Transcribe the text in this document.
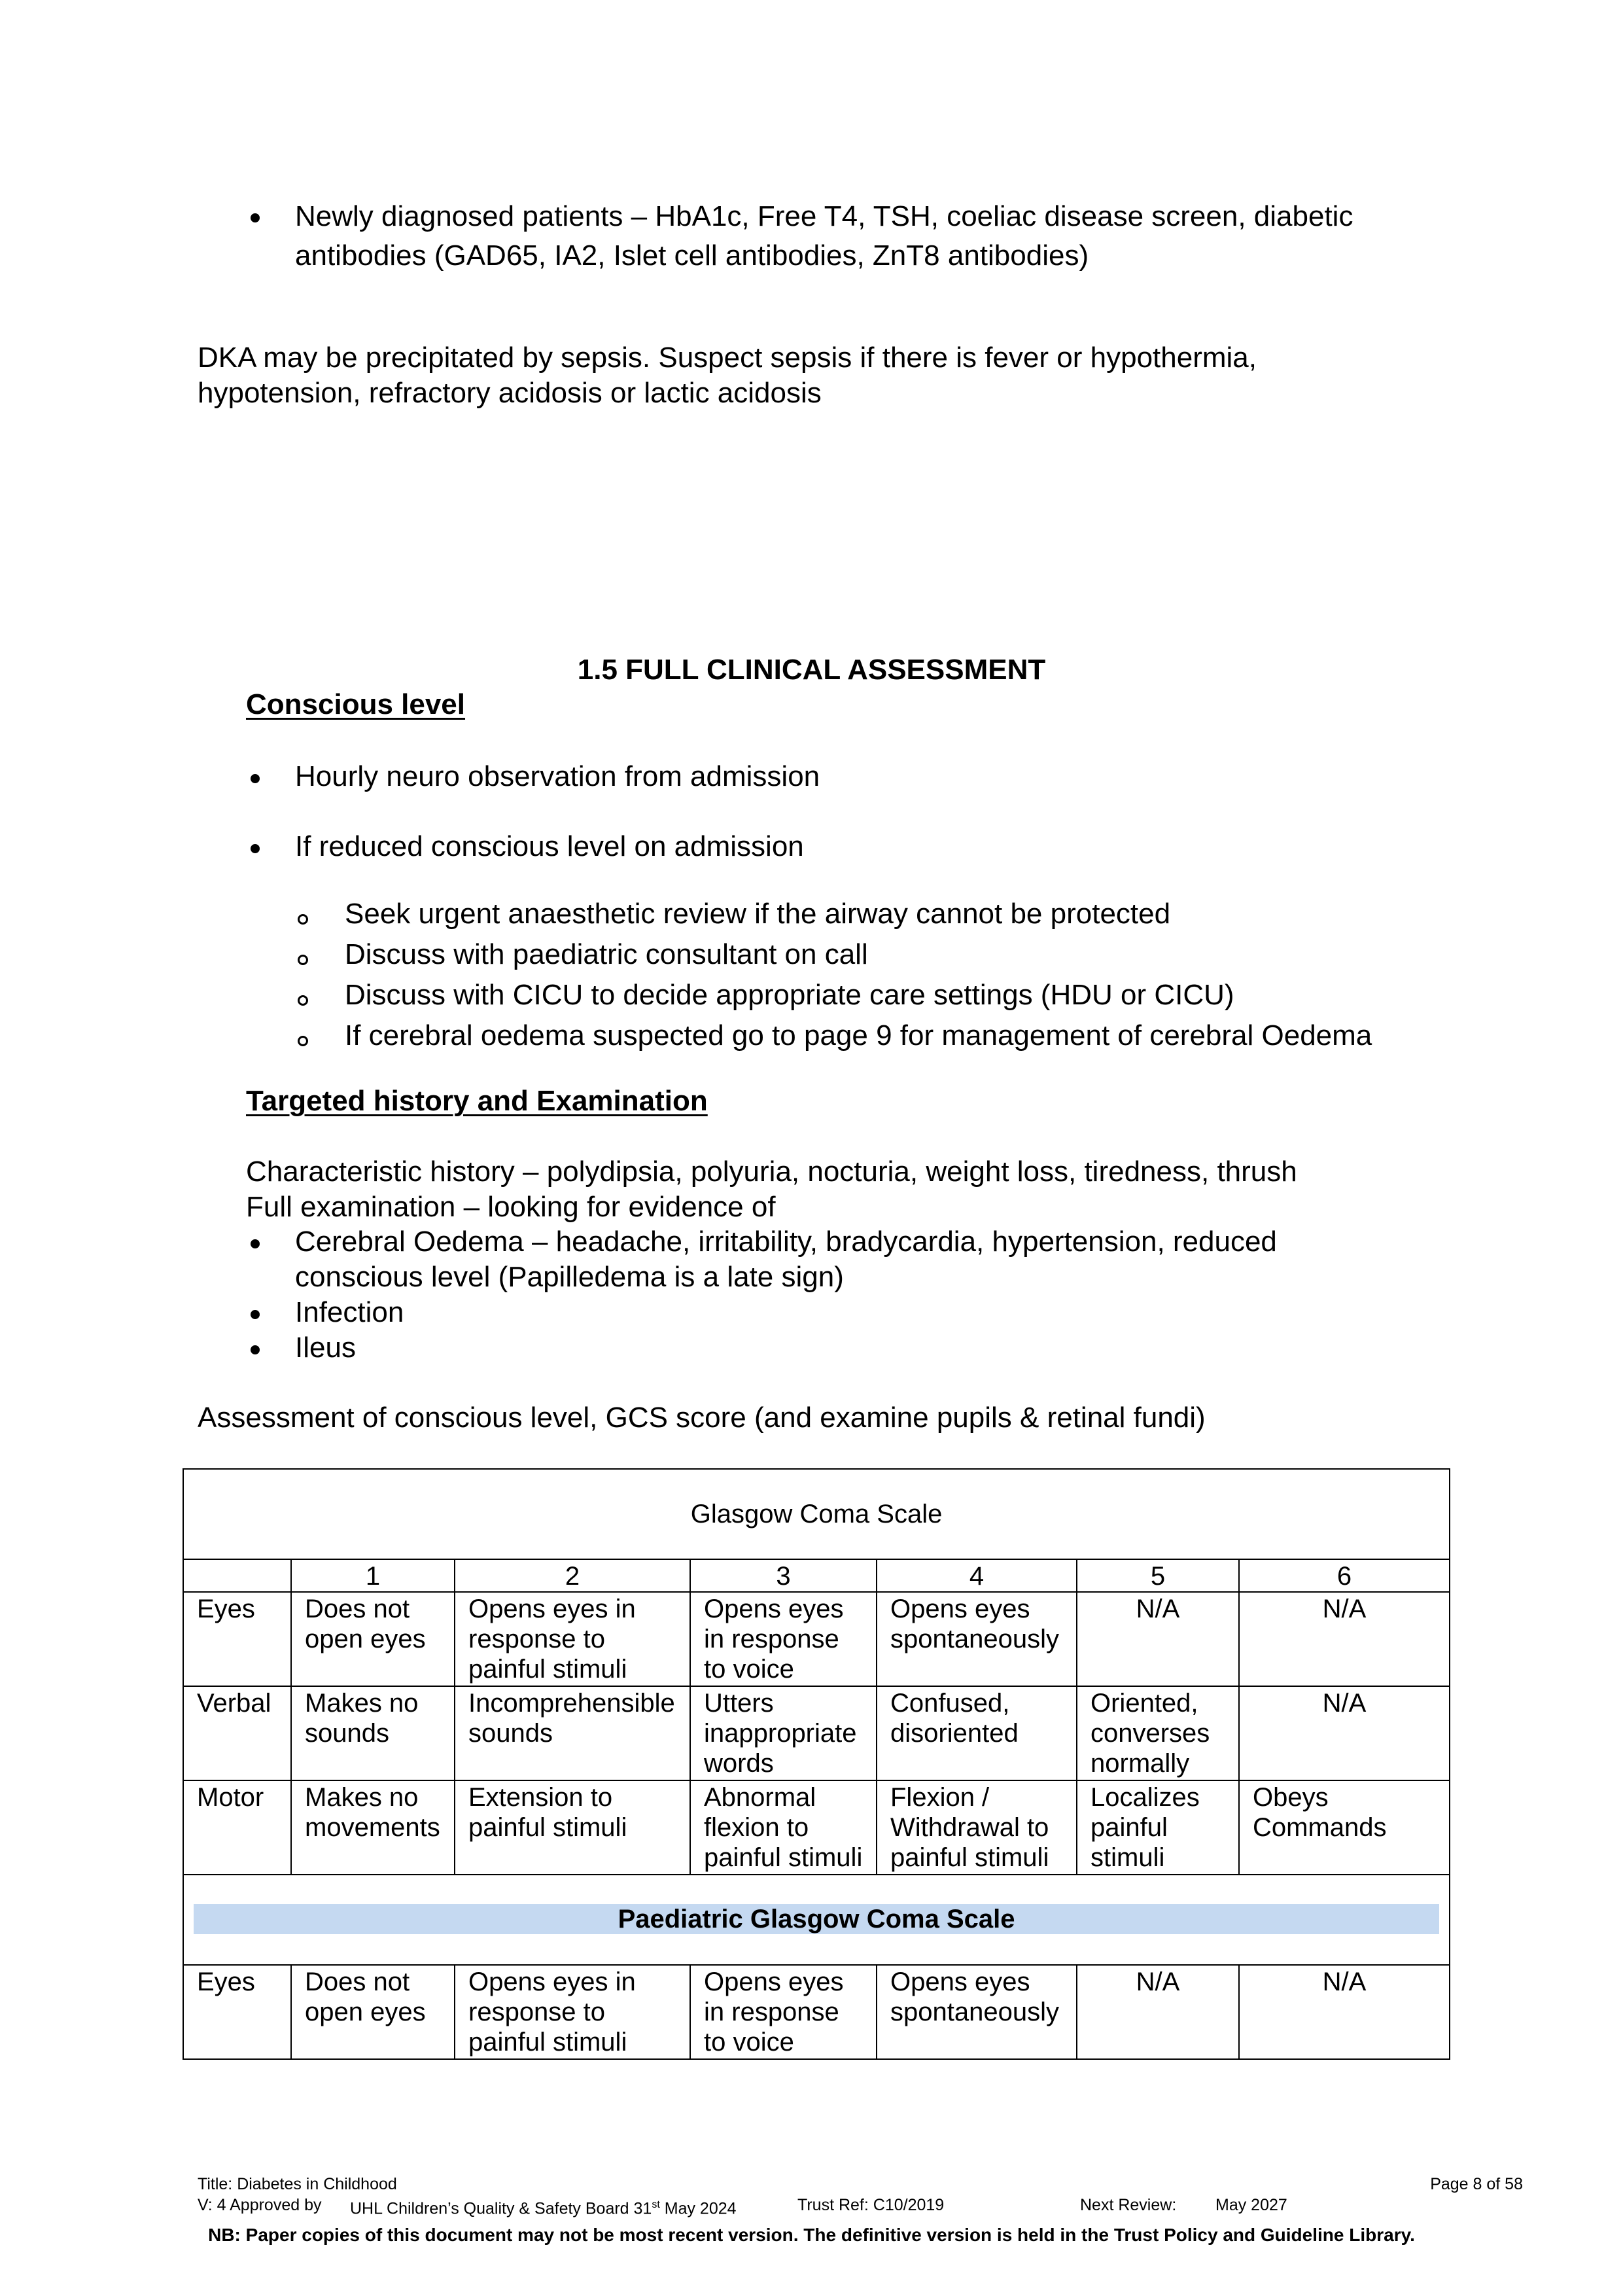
Newly diagnosed patients – HbA1c, Free T4, TSH, coeliac disease screen, diabetic
antibodies (GAD65, IA2, Islet cell antibodies, ZnT8 antibodies)
DKA may be precipitated by sepsis. Suspect sepsis if there is fever or hypothermia,
hypotension, refractory acidosis or lactic acidosis
1.5 FULL CLINICAL ASSESSMENT
Conscious level
Hourly neuro observation from admission
If reduced conscious level on admission
Seek urgent anaesthetic review if the airway cannot be protected
Discuss with paediatric consultant on call
Discuss with CICU to decide appropriate care settings (HDU or CICU)
If cerebral oedema suspected go to page 9 for management of cerebral Oedema
Targeted history and Examination
Characteristic history – polydipsia, polyuria, nocturia, weight loss, tiredness, thrush
Full examination – looking for evidence of
Cerebral Oedema – headache, irritability, bradycardia, hypertension, reduced
conscious level (Papilledema is a late sign)
Infection
Ileus
Assessment of conscious level, GCS score (and examine pupils & retinal fundi)
Glasgow Coma Scale						
	1	2	3	4	5	6
Eyes	Does not open eyes	Opens eyes in response to painful stimuli	Opens eyes in response to voice	Opens eyes spontaneously	N/A	N/A
Verbal	Makes no sounds	Incomprehensible sounds	Utters inappropriate words	Confused, disoriented	Oriented, converses normally	N/A
Motor	Makes no movements	Extension to painful stimuli	Abnormal flexion to painful stimuli	Flexion / Withdrawal to painful stimuli	Localizes painful stimuli	Obeys Commands

Paediatric Glasgow Coma Scale						

Eyes	Does not open eyes	Opens eyes in response to painful stimuli	Opens eyes in response to voice	Opens eyes spontaneously	N/A	N/A
Title: Diabetes in Childhood	Page 8 of 58
V: 4 Approved by UHL Children’s Quality & Safety Board 31st May 2024	Trust Ref: C10/2019	Next Review: May 2027
NB: Paper copies of this document may not be most recent version. The definitive version is held in the Trust Policy and Guideline Library.
